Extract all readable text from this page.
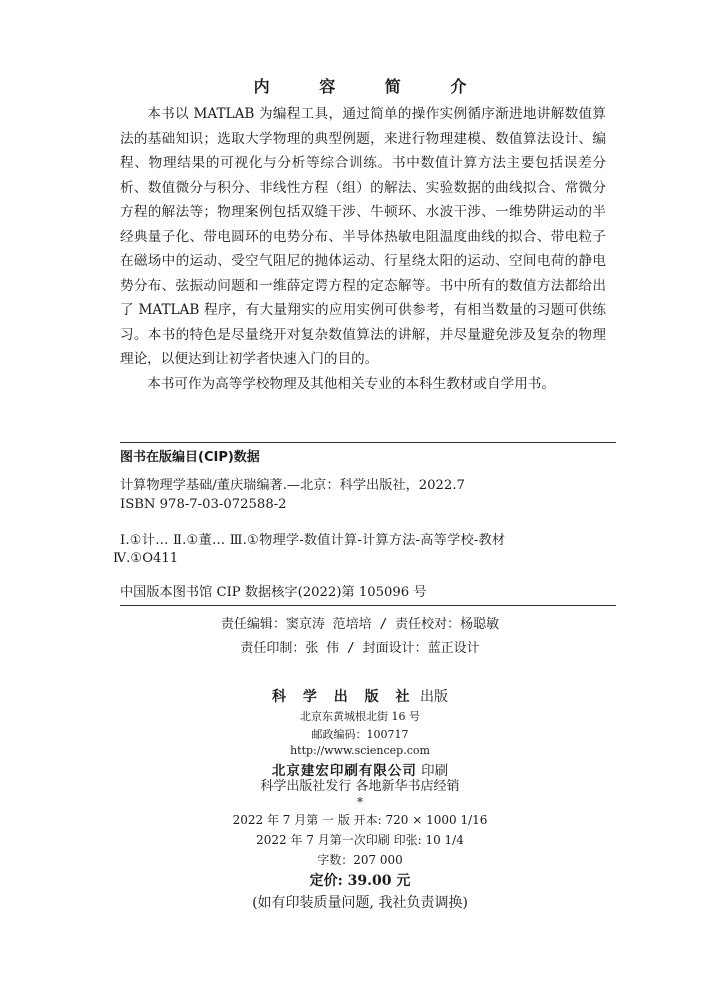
内 容 简 介

本书以 MATLAB 为编程工具，通过简单的操作实例循序渐进地讲解数值算法的基础知识；选取大学物理的典型例题，来进行物理建模、数值算法设计、编程、物理结果的可视化与分析等综合训练。书中数值计算方法主要包括误差分析、数值微分与积分、非线性方程（组）的解法、实验数据的曲线拟合、常微分方程的解法等；物理案例包括双缝干涉、牛顿环、水波干涉、一维势阱运动的半经典量子化、带电圆环的电势分布、半导体热敏电阻温度曲线的拟合、带电粒子在磁场中的运动、受空气阻尼的抛体运动、行星绕太阳的运动、空间电荷的静电势分布、弦振动问题和一维薛定谔方程的定态解等。书中所有的数值方法都给出了 MATLAB 程序，有大量翔实的应用实例可供参考，有相当数量的习题可供练习。本书的特色是尽量绕开对复杂数值算法的讲解，并尽量避免涉及复杂的物理理论，以便达到让初学者快速入门的目的。

本书可作为高等学校物理及其他相关专业的本科生教材或自学用书。

图书在版编目(CIP)数据
计算物理学基础/董庆瑞编著.—北京：科学出版社，2022.7
ISBN 978-7-03-072588-2
Ⅰ.①计… Ⅱ.①董… Ⅲ.①物理学-数值计算-计算方法-高等学校-教材
Ⅳ.①O411
中国版本图书馆 CIP 数据核字(2022)第 105096 号
责任编辑：窦京涛 范培培 / 责任校对：杨聪敏
责任印制：张 伟 / 封面设计：蓝正设计
科 学 出 版 社 出版
北京东黄城根北街 16 号
邮政编码：100717
http://www.sciencep.com
北京建宏印刷有限公司 印刷
科学出版社发行 各地新华书店经销
*
2022 年 7 月第 一 版 开本: 720 × 1000 1/16
2022 年 7 月第一次印刷 印张: 10 1/4
字数：207 000
定价: 39.00 元
(如有印装质量问题, 我社负责调换)
